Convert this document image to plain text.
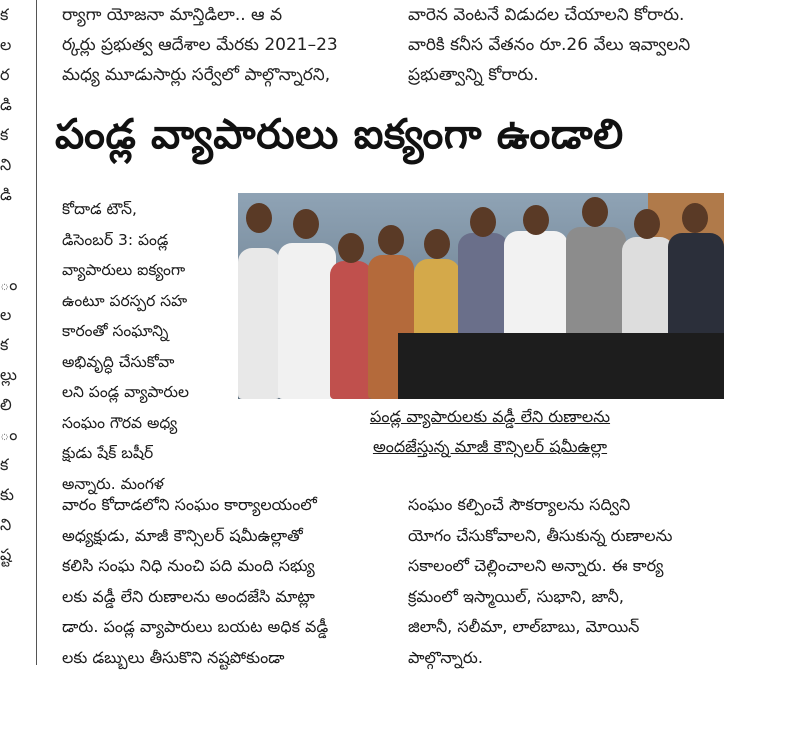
క
ల
ర
డి
క
ని
డి
ం
ల
క
ల్లు
లి
ం
క
కు
ని
ష్ట
ర్యాగా యోజనా మాన్తిడిలా.. ఆ వ
ర్కర్లు ప్రభుత్వ ఆదేశాల మేరకు 2021–23
మధ్య మూడుసార్లు సర్వేలో పాల్గొన్నారని,
వారెన వెంటనే విడుదల చేయాలని కోరారు.
వారికి కనీస వేతనం రూ.26 వేలు ఇవ్వాలని
ప్రభుత్వాన్ని కోరారు.
పండ్ల వ్యాపారులు ఐక్యంగా ఉండాలి
కోదాడ టౌన్,
డిసెంబర్ 3: పండ్ల
వ్యాపారులు ఐక్యంగా
ఉంటూ పరస్పర సహ
కారంతో సంఘాన్ని
అభివృద్ధి చేసుకోవా
లని పండ్ల వ్యాపారుల
సంఘం గౌరవ అధ్య
క్షుడు షేక్ బషీర్
అన్నారు. మంగళ
పండ్ల వ్యాపారులకు వడ్డీ లేని రుణాలను
అందజేస్తున్న మాజీ కౌన్సిలర్ షమీఉల్లా
వారం కోదాడలోని సంఘం కార్యాలయంలో
అధ్యక్షుడు, మాజీ కౌన్సిలర్ షమీఉల్లాతో
కలిసి సంఘ నిధి నుంచి పది మంది సభ్యు
లకు వడ్డీ లేని రుణాలను అందజేసి మాట్లా
డారు. పండ్ల వ్యాపారులు బయట అధిక వడ్డీ
లకు డబ్బులు తీసుకొని నష్టపోకుండా
సంఘం కల్పించే సౌకర్యాలను సద్విని
యోగం చేసుకోవాలని, తీసుకున్న రుణాలను
సకాలంలో చెల్లించాలని అన్నారు. ఈ కార్య
క్రమంలో ఇస్మాయిల్, సుభాని, జానీ,
జిలానీ, సలీమా, లాల్‌బాబు, మోయిన్
పాల్గొన్నారు.
